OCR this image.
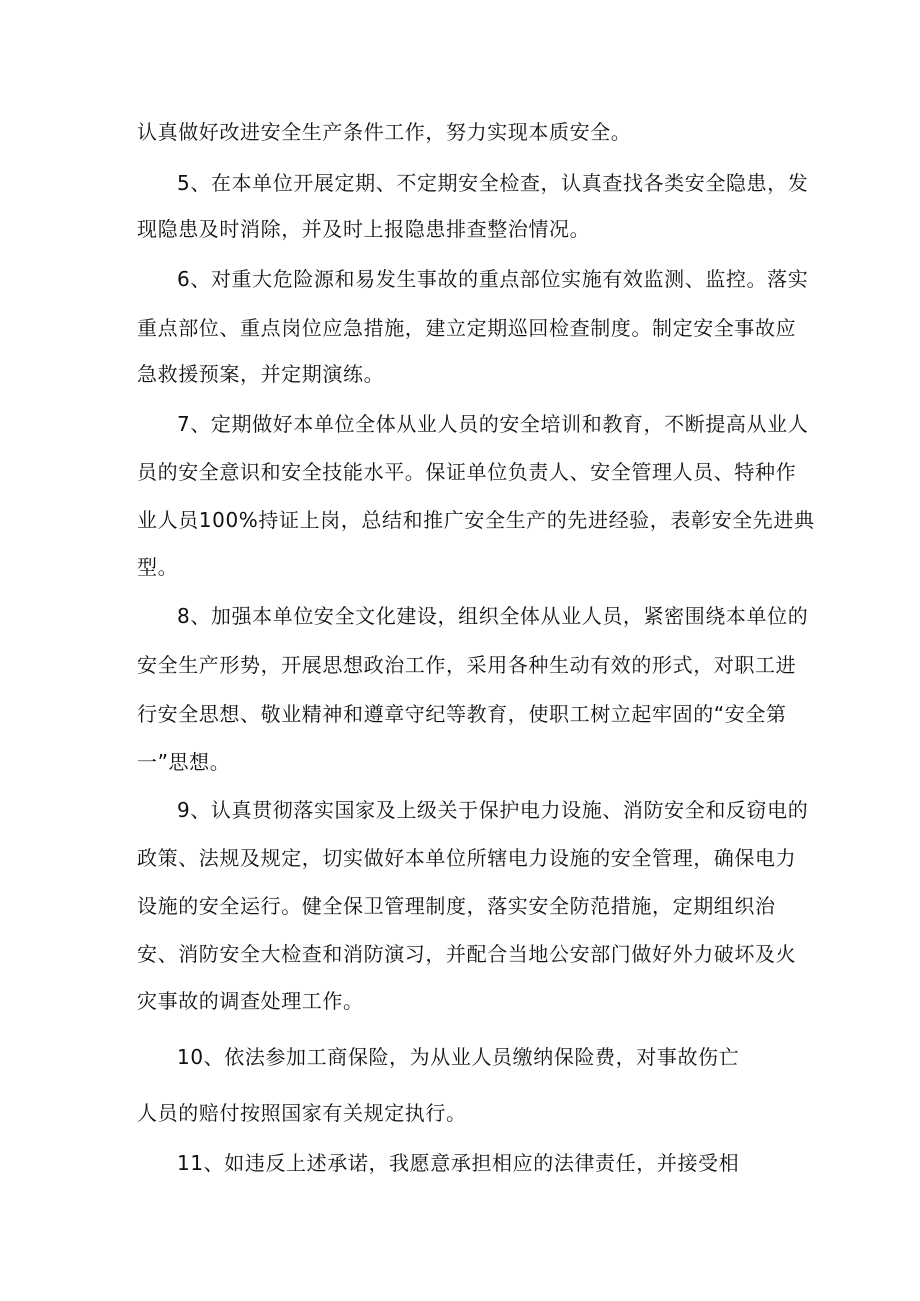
认真做好改进安全生产条件工作，努力实现本质安全。
5、在本单位开展定期、不定期安全检查，认真查找各类安全隐患，发
现隐患及时消除，并及时上报隐患排查整治情况。
6、对重大危险源和易发生事故的重点部位实施有效监测、监控。落实
重点部位、重点岗位应急措施，建立定期巡回检查制度。制定安全事故应
急救援预案，并定期演练。
7、定期做好本单位全体从业人员的安全培训和教育，不断提高从业人
员的安全意识和安全技能水平。保证单位负责人、安全管理人员、特种作
业人员100%持证上岗，总结和推广安全生产的先进经验，表彰安全先进典
型。
8、加强本单位安全文化建设，组织全体从业人员，紧密围绕本单位的
安全生产形势，开展思想政治工作，采用各种生动有效的形式，对职工进
行安全思想、敬业精神和遵章守纪等教育，使职工树立起牢固的“安全第
一”思想。
9、认真贯彻落实国家及上级关于保护电力设施、消防安全和反窃电的
政策、法规及规定，切实做好本单位所辖电力设施的安全管理，确保电力
设施的安全运行。健全保卫管理制度，落实安全防范措施，定期组织治
安、消防安全大检查和消防演习，并配合当地公安部门做好外力破坏及火
灾事故的调查处理工作。
10、依法参加工商保险，为从业人员缴纳保险费，对事故伤亡
人员的赔付按照国家有关规定执行。
11、如违反上述承诺，我愿意承担相应的法律责任，并接受相
